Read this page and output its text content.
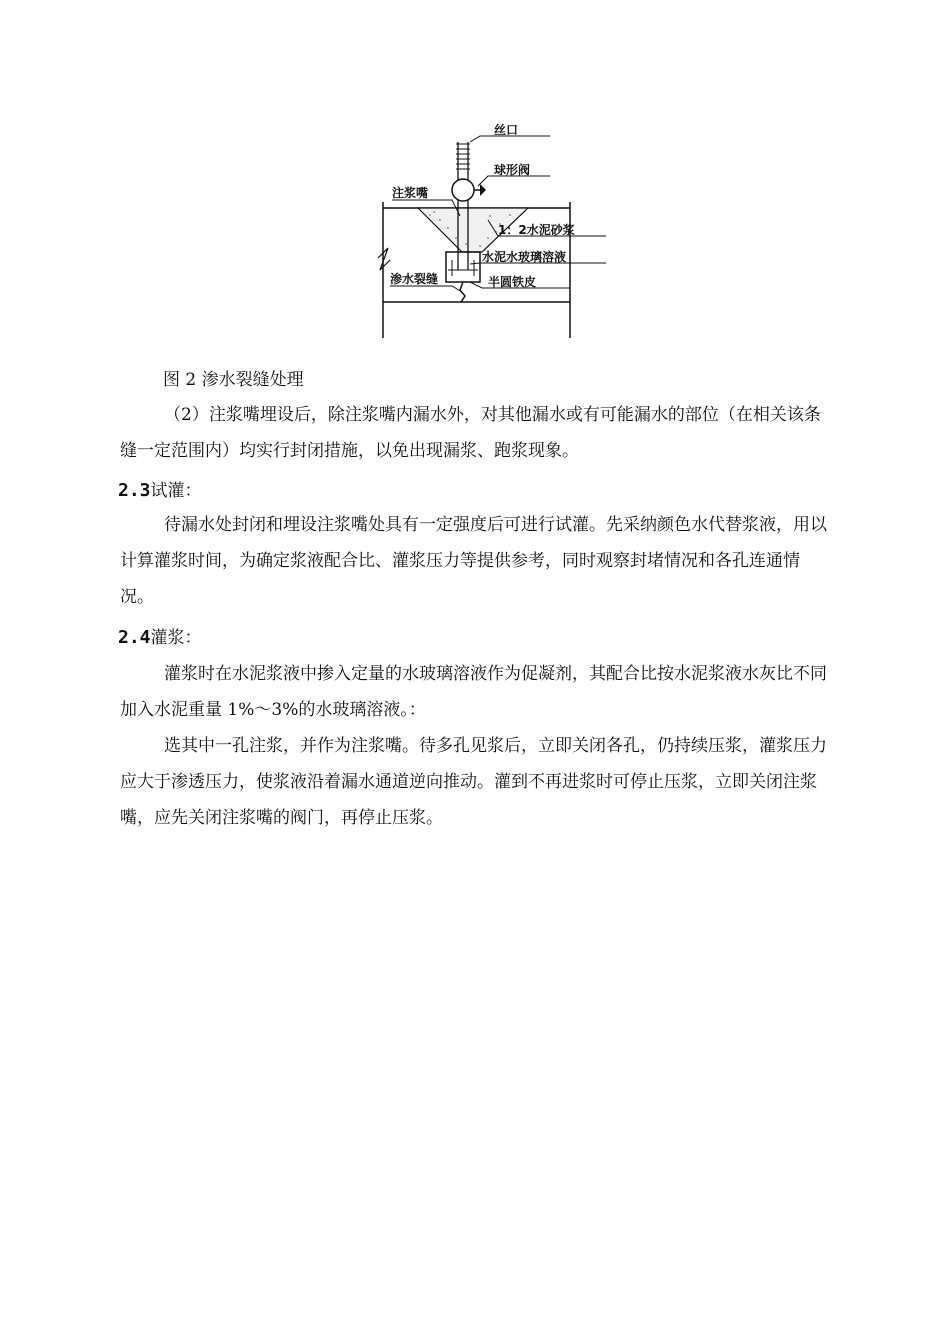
丝口
球形阀
注浆嘴
1：2水泥砂浆
水泥水玻璃溶液
渗水裂缝	半圆铁皮
图 2 渗水裂缝处理

（2）注浆嘴埋设后，除注浆嘴内漏水外，对其他漏水或有可能漏水的部位（在相关该条缝一定范围内）均实行封闭措施，以免出现漏浆、跑浆现象。

2.3试灌：

待漏水处封闭和埋设注浆嘴处具有一定强度后可进行试灌。先采纳颜色水代替浆液，用以计算灌浆时间，为确定浆液配合比、灌浆压力等提供参考，同时观察封堵情况和各孔连通情况。

2.4灌浆：

灌浆时在水泥浆液中掺入定量的水玻璃溶液作为促凝剂，其配合比按水泥浆液水灰比不同加入水泥重量 1%～3%的水玻璃溶液。：

选其中一孔注浆，并作为注浆嘴。待多孔见浆后，立即关闭各孔，仍持续压浆，灌浆压力应大于渗透压力，使浆液沿着漏水通道逆向推动。灌到不再进浆时可停止压浆，立即关闭注浆嘴，应先关闭注浆嘴的阀门，再停止压浆。
